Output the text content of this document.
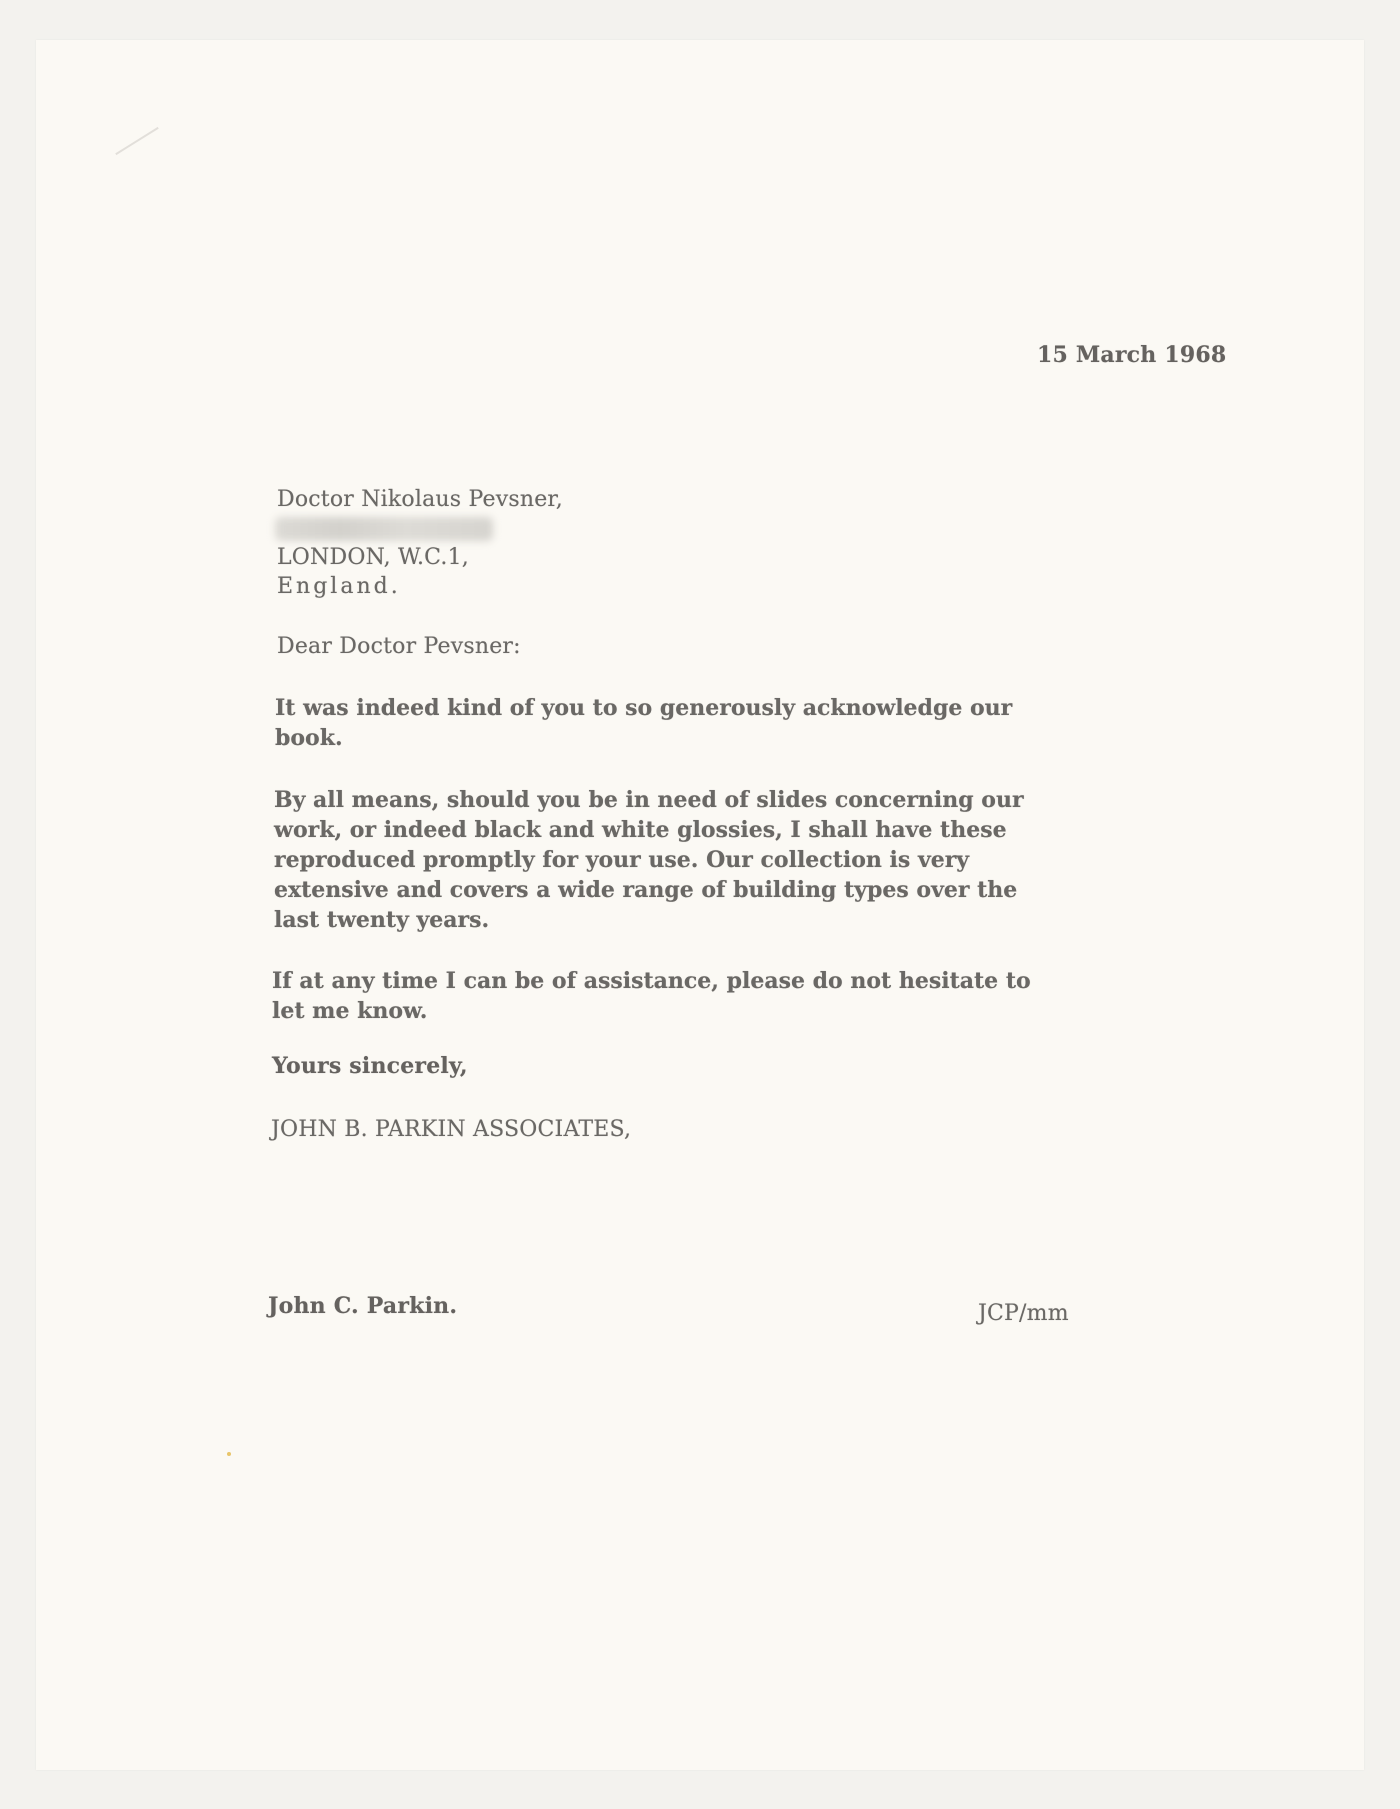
15 March 1968
Doctor Nikolaus Pevsner,
LONDON, W.C.1,
England.
Dear Doctor Pevsner:
It was indeed kind of you to so generously acknowledge our
book.
By all means, should you be in need of slides concerning our
work, or indeed black and white glossies, I shall have these
reproduced promptly for your use. Our collection is very
extensive and covers a wide range of building types over the
last twenty years.
If at any time I can be of assistance, please do not hesitate to
let me know.
Yours sincerely,
JOHN B. PARKIN ASSOCIATES,
John C. Parkin.	JCP/mm
